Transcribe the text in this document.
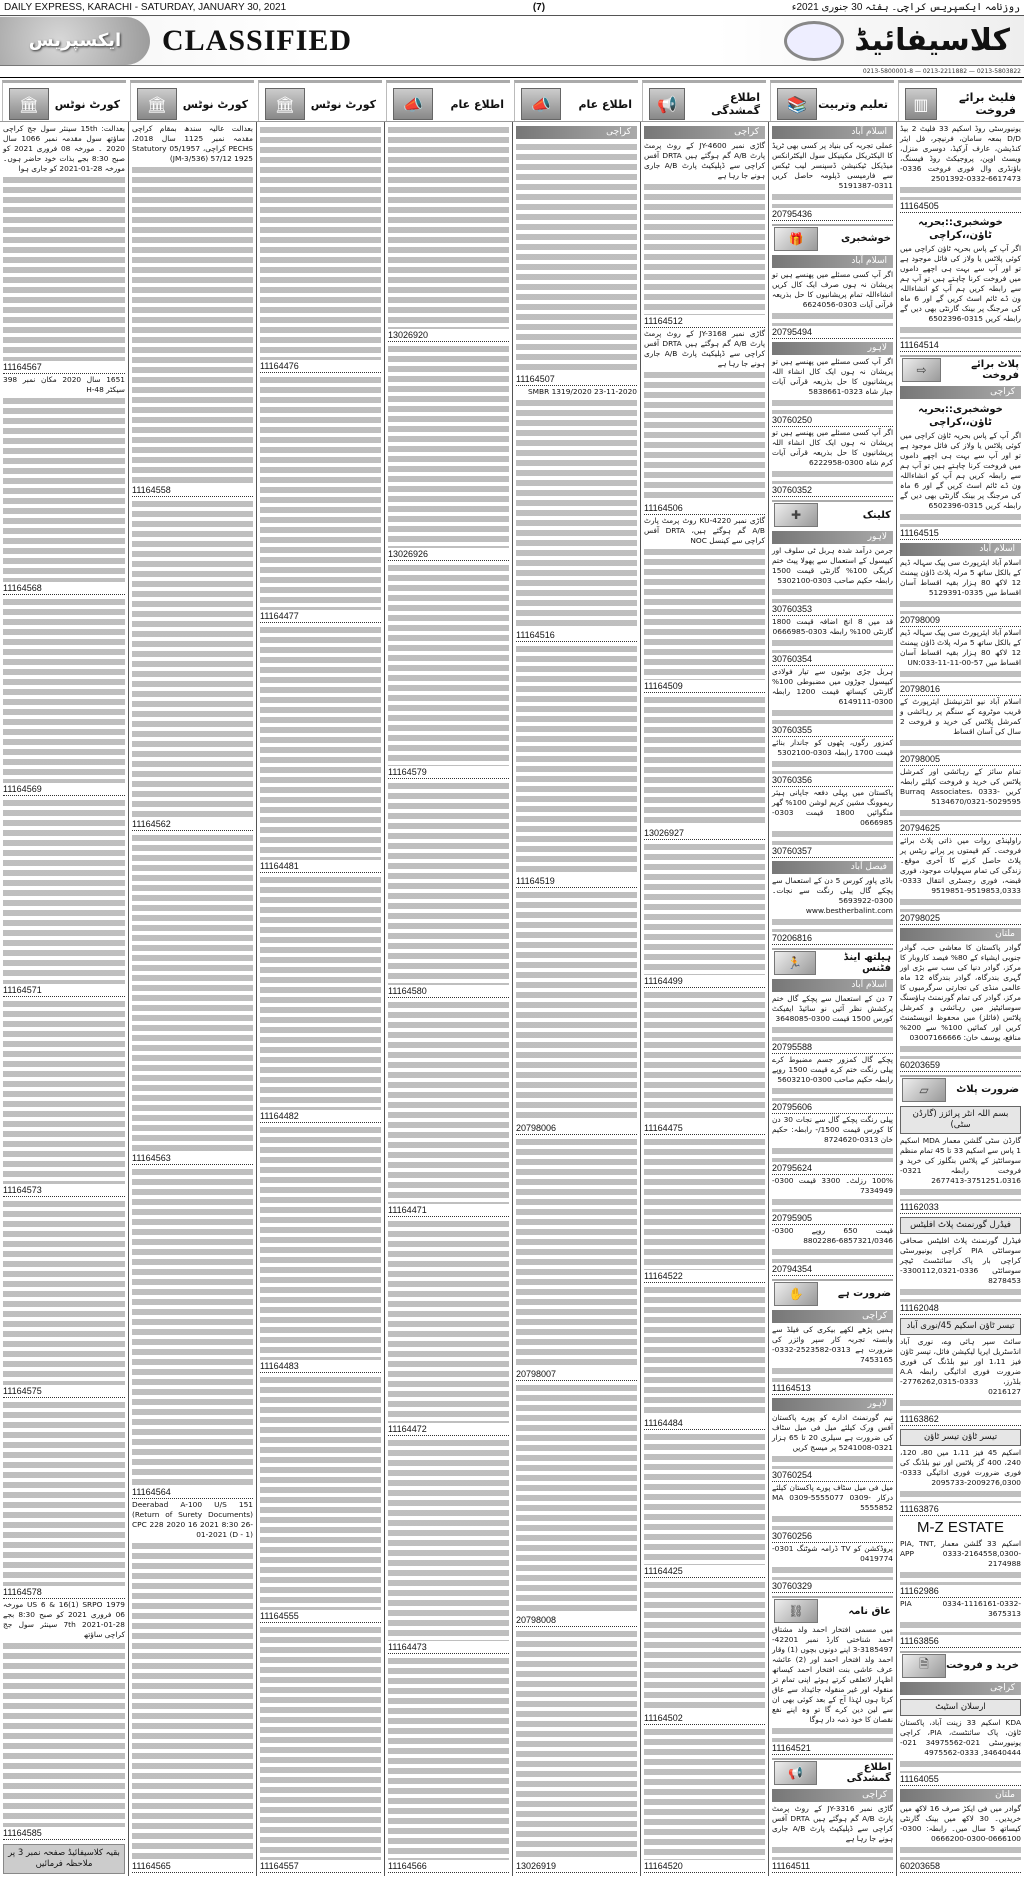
DAILY EXPRESS, KARACHI - SATURDAY, JANUARY 30, 2021	(7)	روزنامہ ایکسپریس کراچی۔ ہفتہ 30 جنوری 2021ء
ایکسپریس	CLASSIFIED	کلاسیفائیڈ
0213-5803822 — 0213-2211882 — 0213-5800001-8
فلیٹ برائے فروخت
▥
تعلیم وتربیت
📚
اطلاع گمشدگی
📢
اطلاع عام
📣
اطلاع عام
📣
کورٹ نوٹس
🏛
کورٹ نوٹس
🏛
کورٹ نوٹس
🏛
یونیورسٹی روڈ اسکیم 33 فلیٹ 2 بیڈ D/D بمعہ سامان، فرنیچر، فل ایئر کنڈیشن، عارف آرکیڈ، دوسری منزل، ویسٹ اوپن، پروجیکٹ روڈ فیسنگ، باؤنڈری وال فوری فروخت 0336-6617473-0332-2501392
11164505
خوشخبری::بحریہ ٹاؤن،،کراچی
اگر آپ کے پاس بحریہ ٹاؤن کراچی میں کوئی پلاٹس یا ولاز کی فائل موجود ہے تو اور آپ سے بہت ہی اچھے داموں میں فروخت کرنا چاہتے ہیں تو آپ ہم سے رابطہ کریں ہم آپ کو انشاءاللہ ون ڈے ٹائم اسٹ کریں گے اور 6 ماہ کی مرجنگ پر بینک گارنٹی بھی دیں گے رابطہ کریں 0315-6502396
11164514
پلاٹ برائے فروخت
⇨
کراچی
خوشخبری::بحریہ ٹاؤن،،کراچی
اگر آپ کے پاس بحریہ ٹاؤن کراچی میں کوئی پلاٹس یا ولاز کی فائل موجود ہے تو اور آپ سے بہت ہی اچھے داموں میں فروخت کرنا چاہتے ہیں تو آپ ہم سے رابطہ کریں ہم آپ کو انشاءاللہ ون ڈے ٹائم اسٹ کریں گے اور 6 ماہ کی مرجنگ پر بینک گارنٹی بھی دیں گے رابطہ کریں 0315-6502396
11164515
اسلام آباد
اسلام آباد ایئرپورٹ سی پیک سہالہ ڈیم کے بالکل ساتھ 5 مرلہ پلاٹ ڈاؤن پیمنٹ 12 لاکھ 80 ہزار بقیہ اقساط آسان اقساط میں 0335-5129391
20798009
اسلام آباد ایئرپورٹ سی پیک سہالہ ڈیم کے بالکل ساتھ 5 مرلہ پلاٹ ڈاؤن پیمنٹ 12 لاکھ 80 ہزار بقیہ اقساط آسان اقساط میں UN:033-11-11-00-57
20798016
اسلام آباد نیو انٹرنیشنل ایئرپورٹ کے قریب موٹروے کے سنگم پر رہائشی و کمرشل پلاٹس کی خرید و فروخت 2 سال کی آسان اقساط
20798005
تمام سائز کے رہائشی اور کمرشل پلاٹس کی خرید و فروخت کیلئے رابطہ کریں Burraq Associates، 0333-5134670/0321-5029595
20794625
راولپنڈی روات میں ذاتی پلاٹ برائے فروخت۔ کم قیمتوں پر پرانے ریٹس پر پلاٹ حاصل کرنے کا آخری موقع۔ زندگی کی تمام سہولیات موجود، فوری قبضہ، فوری رجسٹری انتقال 0333-9519853,0333-9519851
20798025
ملتان
گوادر پاکستان کا معاشی حب، گوادر جنوبی ایشیاء کے 80% فیصد کاروبار کا مرکز، گوادر دنیا کی سب سے بڑی اور گہری بندرگاہ، گوادر بندرگاہ 12 ماہ عالمی منڈی کی تجارتی سرگرمیوں کا مرکز، گوادر کی تمام گورنمنٹ ہاؤسنگ سوسائیٹیز میں رہائشی و کمرشل پلاٹس (فائلز) میں محفوظ انویسٹمنٹ کریں اور کمائیں 100% سے 200% منافع، یوسف خان: 03007166666
60203659
ضرورت پلاٹ
▱
بسم اللہ انٹر پرائزز (گارڈن سٹی)
گارڈن سٹی گلشن معمار MDA اسکیم 1 پاس سے اسکیم 33 تا 45 تمام منظم سوسائٹیز کے پلاٹس بنگلوز کی خرید و فروخت رابطہ 0321-3751251،0316-2677413
11162033
فیڈرل گورنمنٹ پلاٹ افلیٹس
فیڈرل گورنمنٹ پلاٹ افلیٹس صحافی سوسائٹی PIA کراچی یونیورسٹی کراچی بار پاک سائنٹسٹ ٹیچر سوسائٹی 0336-3300112,0321-8278453
11162048
تیسر ٹاؤن اسکیم 45/نوری آباد
سائٹ سپر ہائی وے، نوری آباد انڈسٹریل ایریا لیکیشن فائل، تیسر ٹاؤن فیز 1،11 اور نیو بلڈنگ کی فوری ضرورت فوری ادائیگی رابطہ A.A بلڈرز، 0333-2776262,0315-0216127
11163862
تیسر ٹاؤن تیسر ٹاؤن
اسکیم 45 فیز 1،11 میں 80، 120، 240، 400 گز پلاٹس اور نیو بلڈنگ کی فوری ضرورت فوری ادائیگی 0333-2009276,0300-2095733
11163876
M-Z ESTATE
اسکیم 33 گلشن معمار PIA, TNT, APP 0333-2164558,0300-2174988
11162986
PIA 0334-1116161-0332-3675313
11163856
خرید و فروخت
🗎
کراچی
ارسلان اسٹیٹ
KDA اسکیم 33 زینت آباد، پاکستان ٹاؤن، پاک سائنٹسٹ، PIA، کراچی یونیورسٹی 021-34975562 021-34640444, 0333-4975562
11164055
ملتان
گوادر میں فی ایکڑ صرف 16 لاکھ میں خریدیں۔ 30 لاکھ میں بینک گارنٹی کیساتھ 5 سال میں۔ رابطہ: 0300-0666100-0300-0666200
60203658
اسلام آباد
عملی تجربہ کی بنیاد پر کسی بھی ٹریڈ کا الیکٹریکل مکینیکل سول الیکٹرانکس میڈیکل ٹیکنیشن ڈسپنسر لیب ٹیکس سے فارمیسی ڈپلومہ حاصل کریں 0311-5191387
20795436
خوشخبری
🎁
اسلام آباد
اگر آپ کسی مسئلے میں پھنسے ہیں تو پریشان نہ ہوں صرف ایک کال کریں انشاءاللہ تمام پریشانیوں کا حل بذریعہ قرآنی آیات 0303-6624056
20795494
لاہور
اگر آپ کسی مسئلے میں پھنسے ہیں تو پریشان نہ ہوں ایک کال انشاء اللہ پریشانیوں کا حل بذریعہ قرآنی آیات جبار شاہ 0323-5838661
30760250
اگر آپ کسی مسئلے میں پھنسے ہیں تو پریشان نہ ہوں ایک کال انشاء اللہ پریشانیوں کا حل بذریعہ قرآنی آیات کرم شاہ 0300-6222958
30760352
کلینک
✚
لاہور
جرمن درآمد شدہ ہربل ٹی سلوف اور کیپسول کے استعمال سے پھولا پیٹ ختم کریگی 100% گارنٹی قیمت 1500 رابطہ حکیم صاحب 0303-5302100
30760353
قد میں 8 انچ اضافہ قیمت 1800 گارنٹی 100% رابطہ 0303-0666985
30760354
ہربل جڑی بوٹیوں سے تیار فولادی کیپسول جوڑوں میں مضبوطی 100% گارنٹی کیساتھ قیمت 1200 رابطہ 0300-6149111
30760355
کمزور رگوں، پٹھوں کو جاندار بنائے قیمت 1700 رابطہ 0303-5302100
30760356
پاکستان میں پہلی دفعہ جاپانی ہیئر ریموونگ مشین کریم لوشن 100% گھر منگوائیں 1800 قیمت 0303-0666985
30760357
فیصل آباد
باڈی پاور کورس 5 دن کے استعمال سے پچکے گال پیلی رنگت سے نجات۔ 0300-5693922 www.bestherbalint.com
70206816
ہیلتھ اینڈ فٹنس
🏃
اسلام آباد
7 دن کے استعمال سے پچکے گال ختم پرکشش نظر آئیں نو سائیڈ ایفیکٹ کورس 1500 قیمت 0300-3648085
20795588
پچکے گال کمزور جسم مضبوط کرے پیلی رنگت ختم کرے قیمت 1500 روپے رابطہ حکیم صاحب 0300-5603210
20795606
پیلی رنگت پچکے گال سے نجات 30 دن کا کورس قیمت 1500/- رابطہ: حکیم خان 0313-8724620
20795624
100% رزلٹ۔ 3300 قیمت 0300-7334949
20795905
قیمت 650 روپے 0300-6857321/0346-8802286
20794354
ضرورت ہے
✋
کراچی
ہمیں پڑھے لکھے بیکری کی فیلڈ سے وابستہ تجربہ کار سپر وائزر کی ضرورت ہے 0313-2523582-0332-7453165
11164513
لاہور
نیم گورنمنٹ ادارے کو پورے پاکستان آفس ورک کیلئے میل فی میل سٹاف کی ضرورت ہے سیلری 20 تا 65 ہزار 0321-5241008 پر میسج کریں
30760254
میل فی میل سٹاف پورے پاکستان کیلئے درکار MA 0309-5555077 0309-5555852
30760256
پروڈکشن کو TV ڈرامہ شوٹنگ 0301-0419774
30760329
عاق نامہ
⛓
میں مسمی افتخار احمد ولد مشتاق احمد شناختی کارڈ نمبر 42201-3185497-3 اپنے دونوں بچوں (1) وقار احمد ولد افتخار احمد اور (2) عائشہ عرف عاشی بنت افتخار احمد کیساتھ اظہار لاتعلقی کرتے ہوئے اپنی تمام تر منقولہ اور غیر منقولہ جائیداد سے عاق کرتا ہوں لہٰذا آج کے بعد کوئی بھی ان سے لین دین کرے گا تو وہ اپنے نفع نقصان کا خود ذمہ دار ہوگا
11164521
اطلاع گمشدگی
📢
کراچی
گاڑی نمبر JY-3316 کے روٹ پرمٹ پارٹ A/B گم ہوگئے ہیں DRTA آفس کراچی سے ڈپلیکیٹ پارٹ A/B جاری ہونے جا رہا ہے
11164511
کراچی
گاڑی نمبر JY-4600 کے روٹ پرمٹ پارٹ A/B گم ہوگئے ہیں DRTA آفس کراچی سے ڈپلیکیٹ پارٹ A/B جاری ہونے جا رہا ہے
11164512
گاڑی نمبر JY-3168 کے روٹ پرمٹ پارٹ A/B گم ہوگئے ہیں DRTA آفس کراچی سے ڈپلیکیٹ پارٹ A/B جاری ہونے جا رہا ہے
11164506
گاڑی نمبر KU-4220 روٹ پرمٹ پارٹ A/B گم ہوگئے ہیں، DRTA آفس کراچی سے کینسل NOC
11164509
13026927
11164499
11164475
11164522
11164484
11164425
11164502
11164520
کراچی
11164507
SMBR 1319/2020 23-11-2020
11164516
11164519
20798006
20798007
20798008
13026919
13026920
13026926
11164579
11164580
11164471
11164472
11164473
11164566
11164476
11164477
11164481
11164482
11164483
11164555
11164557
بعدالت عالیہ سندھ بمقام کراچی مقدمہ نمبر 1125 سال 2018، PECHS کراچی، Statutory 05/1957 (JM-3/536) 57/12 1925
11164558
11164562
11164563
11164564
Deerabad A-100 U/S 151 (Return of Surety Documents) CPC 228 2020 16 2021 8:30 26-01-2021 (D - 1)
11164565
بعدالت: 15th سینئر سول جج کراچی ساؤتھ سول مقدمہ نمبر 1066 سال 2020 ۔ مورخہ 08 فروری 2021 کو صبح 8:30 بجے بذات خود حاضر ہوں۔ مورخہ 28-01-2021 کو جاری ہوا
11164567
1651 سال 2020 مکان نمبر 398 سیکٹر 48-H
11164568
11164569
11164571
11164573
11164575
11164578
US 6 & 16(1) SRPO 1979 مورخہ 06 فروری 2021 کو صبح 8:30 بجے 28-01-2021 7th سینئر سول جج کراچی ساؤتھ
11164585
بقیہ کلاسیفائیڈ صفحہ نمبر 3 پر ملاحظہ فرمائیں
